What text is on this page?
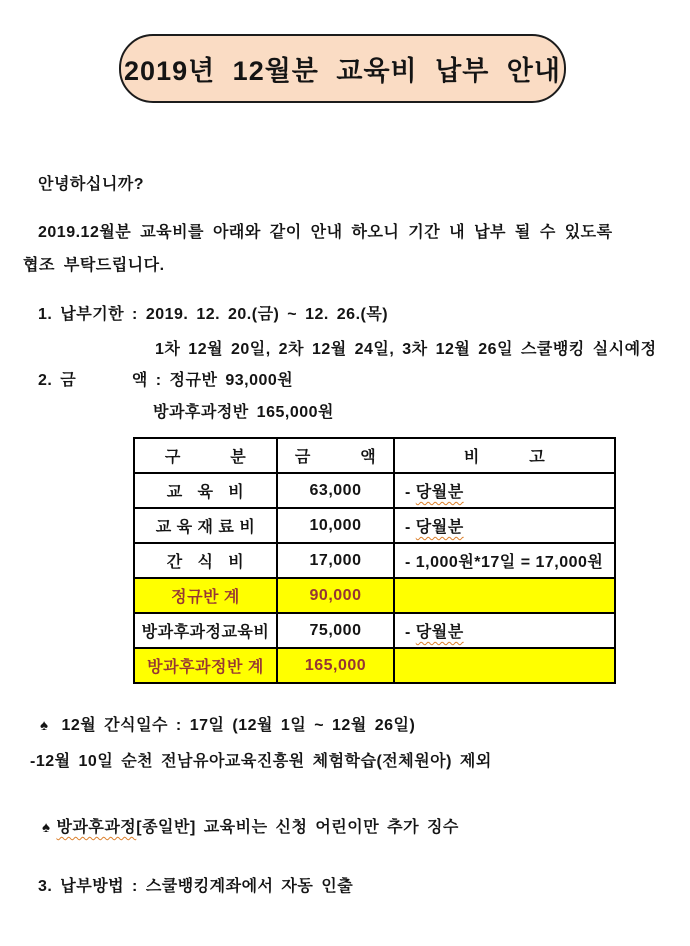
2019년 12월분 교육비 납부 안내
안녕하십니까?
2019.12월분 교육비를 아래와 같이 안내 하오니 기간 내 납부 될 수 있도록
협조 부탁드립니다.
1. 납부기한 : 2019. 12. 20.(금) ~ 12. 26.(목)
1차 12월 20일, 2차 12월 24일, 3차 12월 26일 스쿨뱅킹 실시예정
2. 금       액 : 정규반 93,000원
방과후과정반 165,000원
구          분	금          액	비          고
교   육   비	63,000	- 당월분
교 육 재 료 비	10,000	- 당월분
간   식   비	17,000	- 1,000원*17일 = 17,000원
정규반 계	90,000	
방과후과정교육비	75,000	- 당월분
방과후과정반 계	165,000	
♠ 12월 간식일수 : 17일 (12월 1일 ~ 12월 26일)
-12월 10일 순천 전남유아교육진흥원 체험학습(전체원아) 제외
♠ 방과후과정[종일반] 교육비는 신청 어린이만 추가 징수
3. 납부방법 : 스쿨뱅킹계좌에서 자동 인출
